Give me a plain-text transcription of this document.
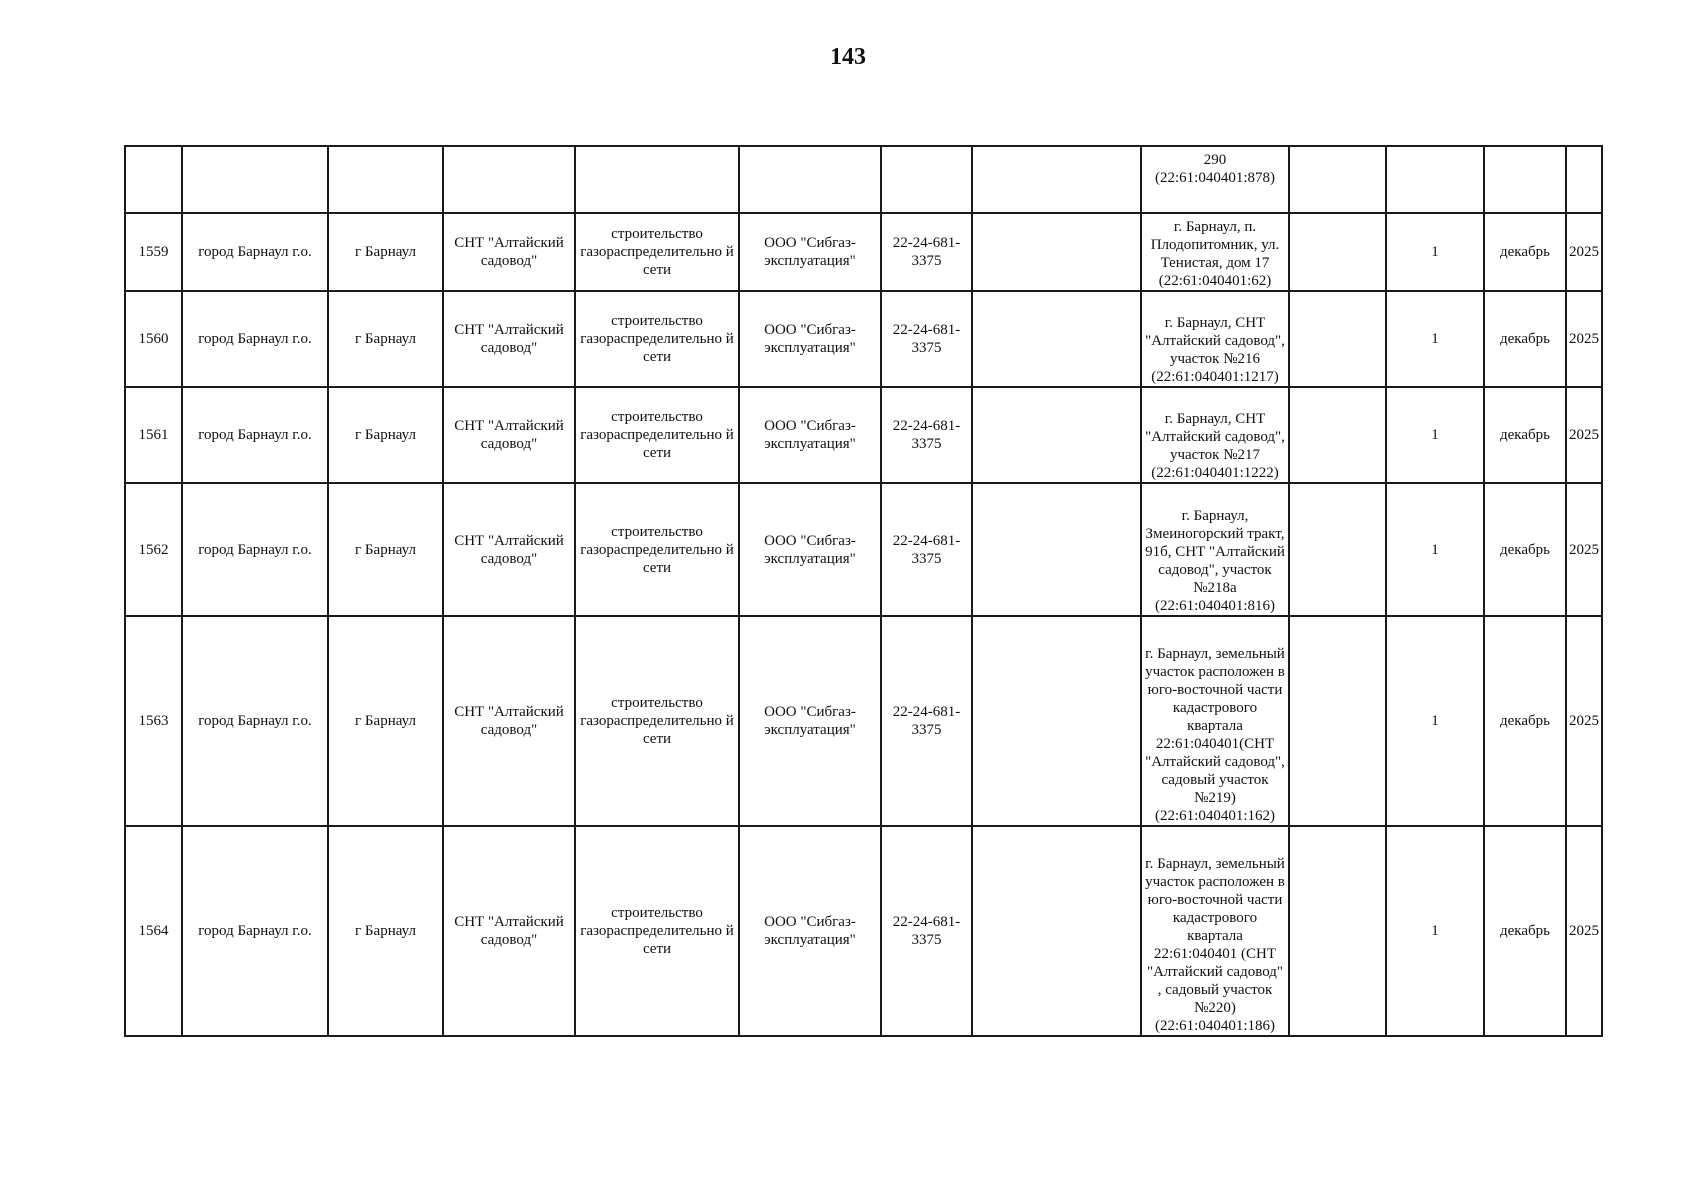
143
								290 (22:61:040401:878)				
1559	город Барнаул г.о.	г Барнаул	СНТ "Алтайский садовод"	строительство газораспределительно й сети	ООО "Сибгаз-эксплуатация"	22-24-681-3375		г. Барнаул, п. Плодопитомник, ул. Тенистая, дом 17 (22:61:040401:62)		1	декабрь	2025
1560	город Барнаул г.о.	г Барнаул	СНТ "Алтайский садовод"	строительство газораспределительно й сети	ООО "Сибгаз-эксплуатация"	22-24-681-3375		г. Барнаул, СНТ "Алтайский садовод", участок №216 (22:61:040401:1217)		1	декабрь	2025
1561	город Барнаул г.о.	г Барнаул	СНТ "Алтайский садовод"	строительство газораспределительно й сети	ООО "Сибгаз-эксплуатация"	22-24-681-3375		г. Барнаул, СНТ "Алтайский садовод", участок №217 (22:61:040401:1222)		1	декабрь	2025
1562	город Барнаул г.о.	г Барнаул	СНТ "Алтайский садовод"	строительство газораспределительно й сети	ООО "Сибгаз-эксплуатация"	22-24-681-3375		г. Барнаул, Змеиногорский тракт, 91б, СНТ "Алтайский садовод", участок №218а (22:61:040401:816)		1	декабрь	2025
1563	город Барнаул г.о.	г Барнаул	СНТ "Алтайский садовод"	строительство газораспределительно й сети	ООО "Сибгаз-эксплуатация"	22-24-681-3375		г. Барнаул, земельный участок расположен в юго-восточной части кадастрового квартала 22:61:040401(СНТ "Алтайский садовод", садовый участок №219) (22:61:040401:162)		1	декабрь	2025
1564	город Барнаул г.о.	г Барнаул	СНТ "Алтайский садовод"	строительство газораспределительно й сети	ООО "Сибгаз-эксплуатация"	22-24-681-3375		г. Барнаул, земельный участок расположен в юго-восточной части кадастрового квартала 22:61:040401 (СНТ "Алтайский садовод" , садовый участок №220) (22:61:040401:186)		1	декабрь	2025
